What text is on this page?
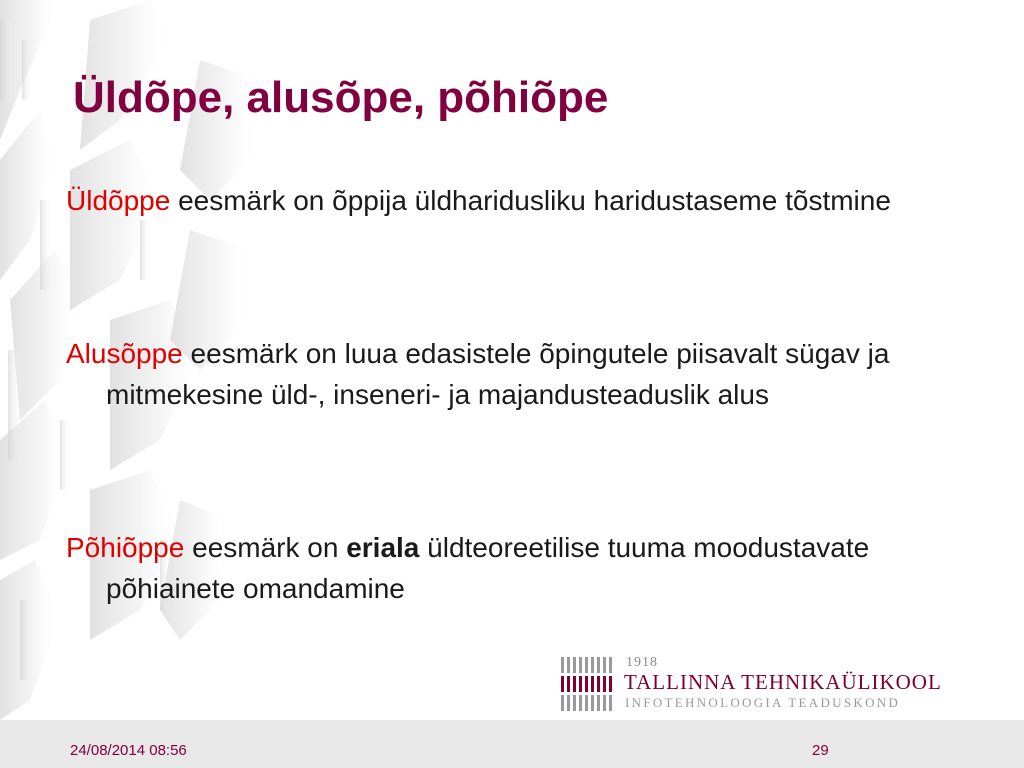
Üldõpe, alusõpe, põhiõpe

Üldõppe eesmärk on õppija üldharidusliku haridustaseme tõstmine

Alusõppe eesmärk on luua edasistele õpingutele piisavalt sügav ja mitmekesine üld-, inseneri- ja majandusteaduslik alus

Põhiõppe eesmärk on eriala üldteoreetilise tuuma moodustavate põhiainete omandamine

1918
TALLINNA TEHNIKAÜLIKOOL
INFOTEHNOLOOGIA TEADUSKOND
24/08/2014 08:56	29
